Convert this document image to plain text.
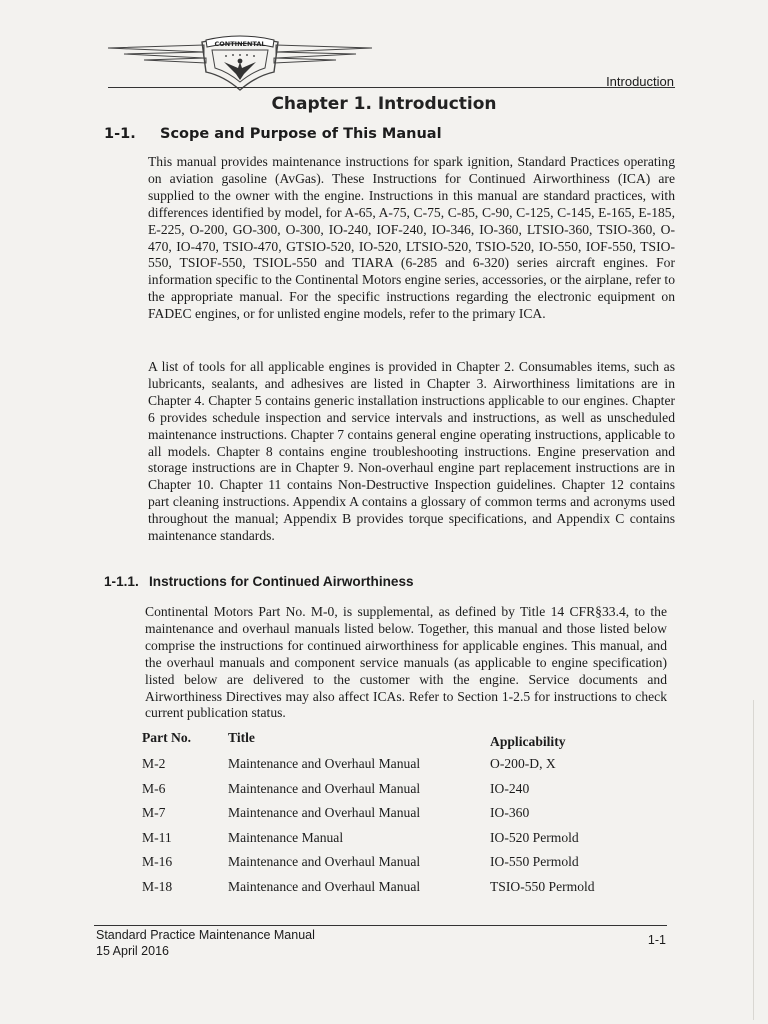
CONTINENTAL
Introduction
Chapter 1. Introduction
1-1. Scope and Purpose of This Manual

This manual provides maintenance instructions for spark ignition, Standard Practices operating on aviation gasoline (AvGas). These Instructions for Continued Airworthiness (ICA) are supplied to the owner with the engine. Instructions in this manual are standard practices, with differences identified by model, for A-65, A-75, C-75, C-85, C-90, C-125, C-145, E-165, E-185, E-225, O-200, GO-300, O-300, IO-240, IOF-240, IO-346, IO-360, LTSIO-360, TSIO-360, O-470, IO-470, TSIO-470, GTSIO-520, IO-520, LTSIO-520, TSIO-520, IO-550, IOF-550, TSIO-550, TSIOF-550, TSIOL-550 and TIARA (6-285 and 6-320) series aircraft engines. For information specific to the Continental Motors engine series, accessories, or the airplane, refer to the appropriate manual. For the specific instructions regarding the electronic equipment on FADEC engines, or for unlisted engine models, refer to the primary ICA.

A list of tools for all applicable engines is provided in Chapter 2. Consumables items, such as lubricants, sealants, and adhesives are listed in Chapter 3. Airworthiness limitations are in Chapter 4. Chapter 5 contains generic installation instructions applicable to our engines. Chapter 6 provides schedule inspection and service intervals and instructions, as well as unscheduled maintenance instructions. Chapter 7 contains general engine operating instructions, applicable to all models. Chapter 8 contains engine troubleshooting instructions. Engine preservation and storage instructions are in Chapter 9. Non-overhaul engine part replacement instructions are in Chapter 10. Chapter 11 contains Non-Destructive Inspection guidelines. Chapter 12 contains part cleaning instructions. Appendix A contains a glossary of common terms and acronyms used throughout the manual; Appendix B provides torque specifications, and Appendix C contains maintenance standards.

1-1.1. Instructions for Continued Airworthiness

Continental Motors Part No. M-0, is supplemental, as defined by Title 14 CFR§33.4, to the maintenance and overhaul manuals listed below. Together, this manual and those listed below comprise the instructions for continued airworthiness for applicable engines. This manual, and the overhaul manuals and component service manuals (as applicable to engine specification) listed below are delivered to the customer with the engine. Service documents and Airworthiness Directives may also affect ICAs. Refer to Section 1-2.5 for instructions to check current publication status.

Part No.	Title	Applicability
M-2	Maintenance and Overhaul Manual	O-200-D, X
M-6	Maintenance and Overhaul Manual	IO-240
M-7	Maintenance and Overhaul Manual	IO-360
M-11	Maintenance Manual	IO-520 Permold
M-16	Maintenance and Overhaul Manual	IO-550 Permold
M-18	Maintenance and Overhaul Manual	TSIO-550 Permold
Standard Practice Maintenance Manual
15 April 2016
1-1
